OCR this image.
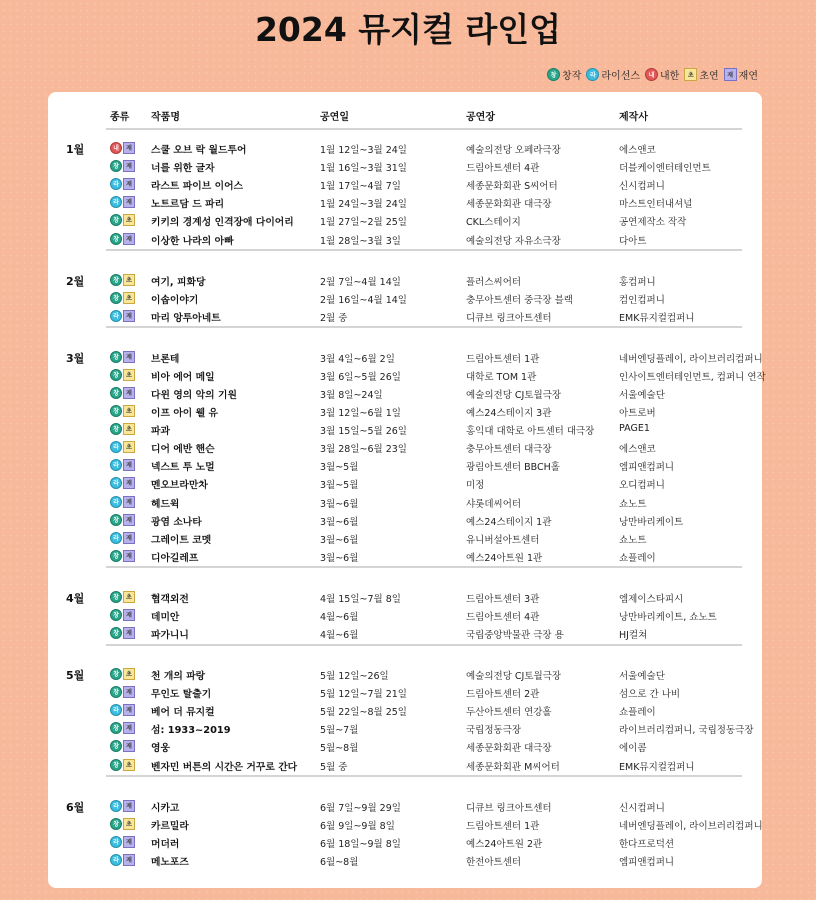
2024 뮤지컬 라인업
창 창작	라 라이선스	내 내한	초 초연	재 재연
종류 작품명	공연일	공연장	제작사
1월	내	재	스쿨 오브 락 월드투어	1월 12일~3월 24일	예술의전당 오페라극장	에스앤코
창	재	너를 위한 글자	1월 16일~3월 31일	드림아트센터 4관	더블케이엔터테인먼트
라	재	라스트 파이브 이어스	1월 17일~4월 7일	세종문화회관 S씨어터	신시컴퍼니
라	재	노트르담 드 파리	1월 24일~3월 24일	세종문화회관 대극장	마스트인터내셔널
창	초	키키의 경계성 인격장애 다이어리	1월 27일~2월 25일	CKL스테이지	공연제작소 작작
창	재	이상한 나라의 아빠	1월 28일~3월 3일	예술의전당 자유소극장	다아트
2월	창	초	여기, 피화당	2월 7일~4월 14일	플러스씨어터	홍컴퍼니
창	초	이솝이야기	2월 16일~4월 14일	충무아트센터 중극장 블랙	컴인컴퍼니
라	재	마리 앙투아네트	2월 중	디큐브 링크아트센터	EMK뮤지컬컴퍼니
3월	창	재	브론테	3월 4일~6월 2일	드림아트센터 1관	네버엔딩플레이, 라이브러리컴퍼니
창	초	비아 에어 메일	3월 6일~5월 26일	대학로 TOM 1관	인사이트엔터테인먼트, 컴퍼니 연작
창	재	다윈 영의 악의 기원	3월 8일~24일	예술의전당 CJ토월극장	서울예술단
창	초	이프 아이 웰 유	3월 12일~6월 1일	예스24스테이지 3관	아트로버
창	초	파과	3월 15일~5월 26일	홍익대 대학로 아트센터 대극장	PAGE1
라	초	디어 에반 핸슨	3월 28일~6월 23일	충무아트센터 대극장	에스앤코
라	재	넥스트 투 노멀	3월~5월	광림아트센터 BBCH홀	엠피앤컴퍼니
라	재	멘오브라만차	3월~5월	미정	오디컴퍼니
라	재	헤드윅	3월~6월	샤롯데씨어터	쇼노트
창	재	광염 소나타	3월~6월	예스24스테이지 1관	낭만바리케이트
라	재	그레이트 코멧	3월~6월	유니버설아트센터	쇼노트
창	재	디아길레프	3월~6월	예스24아트원 1관	쇼플레이
4월	창	초	협객외전	4월 15일~7월 8일	드림아트센터 3관	엠제이스타피시
창	재	데미안	4월~6월	드림아트센터 4관	낭만바리케이트, 쇼노트
창	재	파가니니	4월~6월	국립중앙박물관 극장 용	HJ컬쳐
5월	창	초	천 개의 파랑	5월 12일~26일	예술의전당 CJ토월극장	서울예술단
창	재	무인도 탈출기	5월 12일~7월 21일	드림아트센터 2관	섬으로 간 나비
라	재	베어 더 뮤지컬	5월 22일~8월 25일	두산아트센터 연강홀	쇼플레이
창	재	섬: 1933~2019	5월~7월	국립정동극장	라이브러리컴퍼니, 국립정동극장
창	재	영웅	5월~8월	세종문화회관 대극장	에이콤
창	초	벤자민 버튼의 시간은 거꾸로 간다 5월 중	세종문화회관 M씨어터	EMK뮤지컬컴퍼니
6월	라	재	시카고	6월 7일~9월 29일	디큐브 링크아트센터	신시컴퍼니
창	초	카르밀라	6월 9일~9월 8일	드림아트센터 1관	네버엔딩플레이, 라이브러리컴퍼니
라	재	머더러	6월 18일~9월 8일	예스24아트원 2관	한다프로덕션
라	재	메노포즈	6월~8월	한전아트센터	엠피앤컴퍼니
